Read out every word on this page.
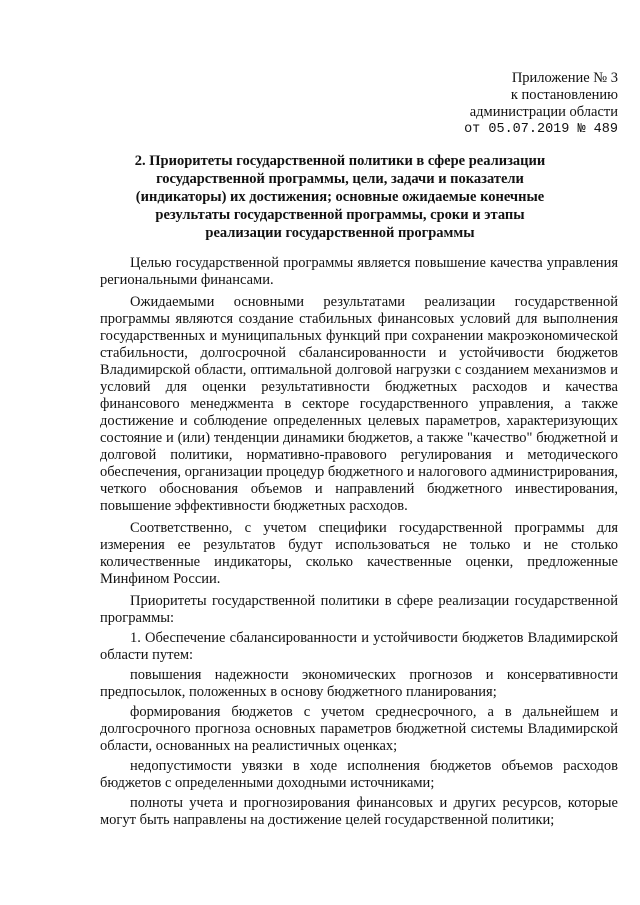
Приложение № 3
к постановлению
администрации области
от 05.07.2019 № 489
2. Приоритеты государственной политики в сфере реализации государственной программы, цели, задачи и показатели (индикаторы) их достижения; основные ожидаемые конечные результаты государственной программы, сроки и этапы реализации государственной программы

Целью государственной программы является повышение качества управления региональными финансами.

Ожидаемыми основными результатами реализации государственной программы являются создание стабильных финансовых условий для выполнения государственных и муниципальных функций при сохранении макроэкономической стабильности, долгосрочной сбалансированности и устойчивости бюджетов Владимирской области, оптимальной долговой нагрузки с созданием механизмов и условий для оценки результативности бюджетных расходов и качества финансового менеджмента в секторе государственного управления, а также достижение и соблюдение определенных целевых параметров, характеризующих состояние и (или) тенденции динамики бюджетов, а также "качество" бюджетной и долговой политики, нормативно-правового регулирования и методического обеспечения, организации процедур бюджетного и налогового администрирования, четкого обоснования объемов и направлений бюджетного инвестирования, повышение эффективности бюджетных расходов.

Соответственно, с учетом специфики государственной программы для измерения ее результатов будут использоваться не только и не столько количественные индикаторы, сколько качественные оценки, предложенные Минфином России.

Приоритеты государственной политики в сфере реализации государственной программы:

1. Обеспечение сбалансированности и устойчивости бюджетов Владимирской области путем:

повышения надежности экономических прогнозов и консервативности предпосылок, положенных в основу бюджетного планирования;

формирования бюджетов с учетом среднесрочного, а в дальнейшем и долгосрочного прогноза основных параметров бюджетной системы Владимирской области, основанных на реалистичных оценках;

недопустимости увязки в ходе исполнения бюджетов объемов расходов бюджетов с определенными доходными источниками;

полноты учета и прогнозирования финансовых и других ресурсов, которые могут быть направлены на достижение целей государственной политики;
